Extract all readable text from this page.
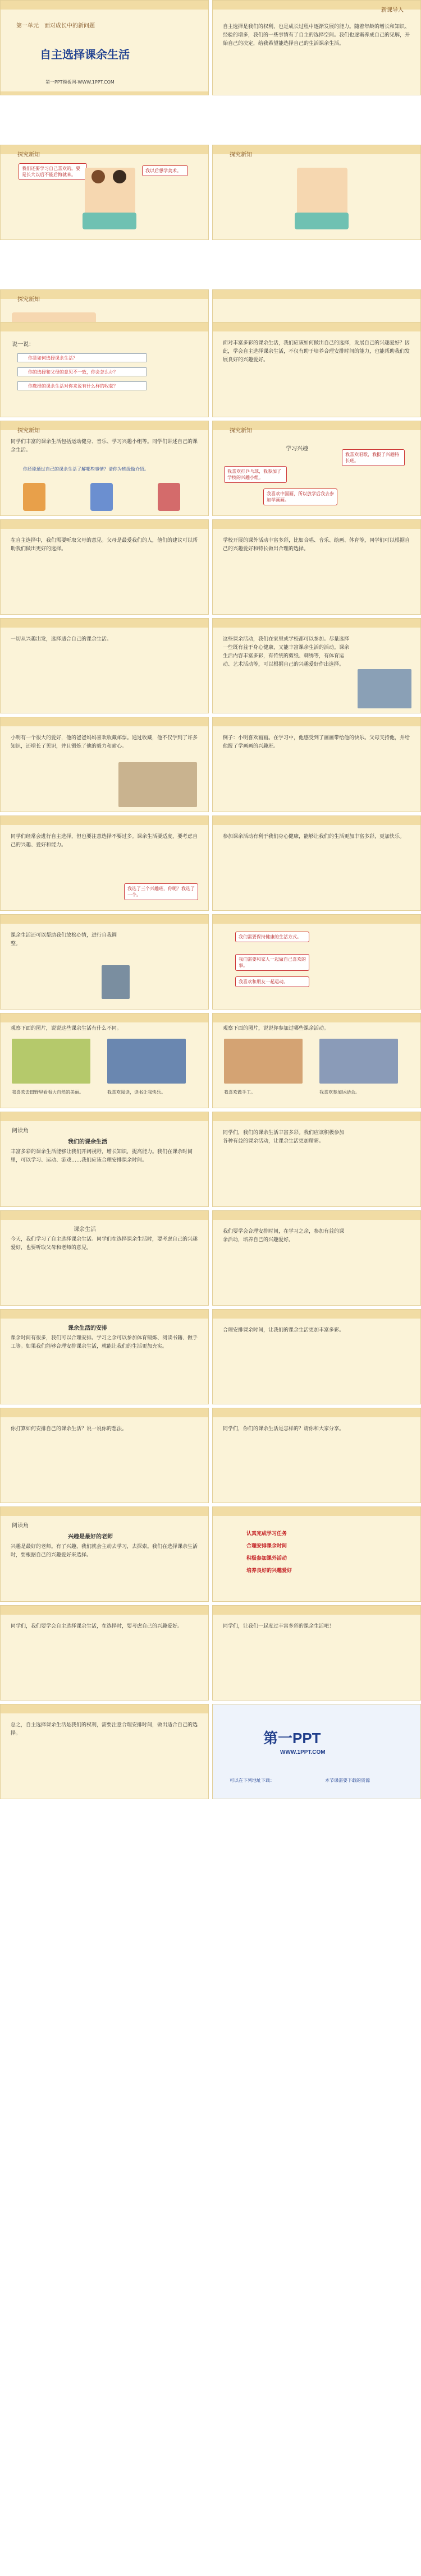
第一单元　面对成长中的新问题
自主选择课余生活
第一PPT模板网-WWW.1PPT.COM
新课导入
自主选择是我们的权利，也是成长过程中逐渐发展的能力。随着年龄的增长和知识、经验的增多，我们的一些事情有了自主的选择空间。我们也逐渐养成自己的见解，开始自己的决定，给我希望能选择自己的生活课余生活。
探究新知
我们还要学习自己喜欢的。要是长大以后不能后悔就来。
我以后想学美术。
探究新知
探究新知
说一说：
你是如何选择课余生活？
你的选择和父母的意见不一致，你会怎么办？
你选择的课余生活对你来说有什么样的收获？
面对丰富多彩的课余生活，我们应该如何做出自己的选择，发展自己的兴趣爱好？因此，学会自主选择课余生活，不仅有助于培养合理安排时间的能力，也能帮助我们发展良好的兴趣爱好。
探究新知
同学们丰富的课余生活包括运动健身、音乐、学习兴趣小组等。同学们讲述自己的课余生活。
你还能通过自己的课余生活了解哪些事情？请你为班级做介绍。
探究新知
学习兴趣
我喜欢打乒乓球，我参加了学校的兴趣小组。
我喜欢唱歌，我报了兴趣特长班。
我喜欢中国画，所以放学后我去参加学画画。
在自主选择中，我们需要听取父母的意见。父母是最爱我们的人，他们的建议可以帮助我们做出更好的选择。
学校开展的课外活动丰富多彩，比如合唱、音乐、绘画、体育等，同学们可以根据自己的兴趣爱好和特长做出合理的选择。
一切从兴趣出发，选择适合自己的课余生活。	这些课余活动，我们在家里或学校都可以参加。尽量选择一些既有益于身心健康，又能丰富课余生活的活动。课余生活内容丰富多彩，有传统的剪纸、刺绣等，有体育运动、艺术活动等，可以根据自己的兴趣爱好作出选择。
小明有一个很大的爱好，他的爸爸妈妈喜欢收藏邮票。通过收藏，他不仅学到了许多知识，还增长了见识，并且锻炼了他的毅力和耐心。
例子：小明喜欢画画。在学习中，他感受到了画画带给他的快乐。父母支持他，并给他报了学画画的兴趣班。
同学们经常会进行自主选择，但也要注意选择不要过多。课余生活要适度，要考虑自己的兴趣、爱好和能力。
我选了三个兴趣班，你呢？我选了一个。
参加课余活动有利于我们身心健康，能够让我们的生活更加丰富多彩，更加快乐。
课余生活还可以帮助我们放松心情，进行自我调整。
我们需要保持健康的生活方式。
我们需要和家人一起做自己喜欢的事。
我喜欢和朋友一起运动。
观察下面的图片，说说这些课余生活有什么不同。
我喜欢去田野里看看大自然的美丽。	我喜欢阅读，读书让我快乐。
观察下面的图片，说说你参加过哪些课余活动。
我喜欢做手工。	我喜欢参加运动会。
阅读角
我们的课余生活
丰富多彩的课余生活能够让我们开阔视野，增长知识，提高能力。我们在课余时间里，可以学习、运动、游戏……我们应该合理安排课余时间。
同学们，我们的课余生活丰富多彩。我们应该积极参加各种有益的课余活动，让课余生活更加精彩。
课余生活
今天，我们学习了自主选择课余生活。同学们在选择课余生活时，要考虑自己的兴趣爱好，也要听取父母和老师的意见。
我们要学会合理安排时间，在学习之余，参加有益的课余活动，培养自己的兴趣爱好。
课余生活的安排
课余时间有很多，我们可以合理安排。学习之余可以参加体育锻炼、阅读书籍、做手工等。如果我们能够合理安排课余生活，就能让我们的生活更加充实。
合理安排课余时间，让我们的课余生活更加丰富多彩。
你打算如何安排自己的课余生活？说一说你的想法。	同学们，你们的课余生活是怎样的？请你和大家分享。
阅读角
兴趣是最好的老师
兴趣是最好的老师。有了兴趣，我们就会主动去学习，去探索。我们在选择课余生活时，要根据自己的兴趣爱好来选择。
认真完成学习任务
合理安排课余时间
积极参加课外活动
培养良好的兴趣爱好
同学们，我们要学会自主选择课余生活，在选择时，要考虑自己的兴趣爱好。	同学们，让我们一起度过丰富多彩的课余生活吧！
总之，自主选择课余生活是我们的权利，需要注意合理安排时间，做出适合自己的选择。	第一PPT
WWW.1PPT.COM
可以在下列地址下载：	本节课需要下载的资源
